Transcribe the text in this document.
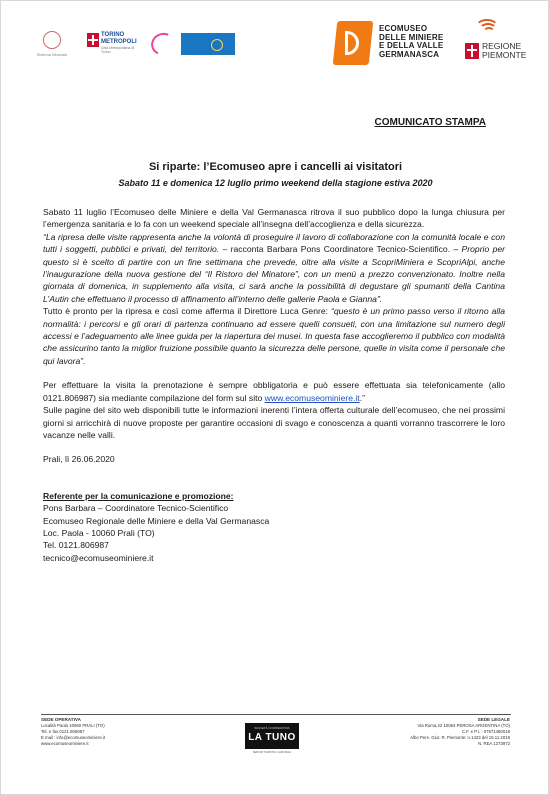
Sistema Museale
TORINO
METROPOLI
Città Metropolitana di Torino
ECOMUSEO
DELLE MINIERE
E DELLA VALLE
GERMANASCA
REGIONE
PIEMONTE
COMUNICATO STAMPA
Si riparte: l’Ecomuseo apre i cancelli ai visitatori
Sabato 11 e domenica 12 luglio primo weekend della stagione estiva 2020

Sabato 11 luglio l’Ecomuseo delle Miniere e della Val Germanasca ritrova il suo pubblico dopo la lunga chiusura per l’emergenza sanitaria e lo fa con un weekend speciale all’insegna dell’accoglienza e della sicurezza.

“La ripresa delle visite rappresenta anche la volontà di proseguire il lavoro di collaborazione con la comunità locale e con tutti i soggetti, pubblici e privati, del territorio. – racconta Barbara Pons Coordinatore Tecnico-Scientifico. – Proprio per questo si è scelto di partire con un fine settimana che prevede, oltre alla visite a ScopriMiniera e ScopriAlpi, anche l’inaugurazione della nuova gestione del “Il Ristoro del Minatore”, con un menù a prezzo convenzionato. Inoltre nella giornata di domenica, in supplemento alla visita, ci sarà anche la possibilità di degustare gli spumanti della Cantina L’Autin che effettuano il processo di affinamento all’interno delle gallerie Paola e Gianna”.

Tutto è pronto per la ripresa e così come afferma il Direttore Luca Genre: “questo è un primo passo verso il ritorno alla normalità: i percorsi e gli orari di partenza continuano ad essere quelli consueti, con una limitazione sul numero degli accessi e l’adeguamento alle linee guida per la riapertura dei musei. In questa fase accoglieremo il pubblico con modalità che assicurino tanto la miglior fruizione possibile quanto la sicurezza delle persone, quelle in visita come il personale che qui lavora”.

Per effettuare la visita la prenotazione è sempre obbligatoria e può essere effettuata sia telefonicamente (allo 0121.806987) sia mediante compilazione del form sul sito www.ecomuseominiere.it.”

Sulle pagine del sito web disponibili tutte le informazioni inerenti l’intera offerta culturale dell’ecomuseo, che nei prossimi giorni si arricchirà di nuove proposte per garantire occasioni di svago e conoscenza a quanti vorranno trascorrere le loro vacanze nelle valli.

Prali, lì 26.06.2020

Referente per la comunicazione e promozione:

Pons Barbara – Coordinatore Tecnico-Scientifico

Ecomuseo Regionale delle Miniere e della Val Germanasca

Loc. Paola - 10060 Prali (TO)

Tel. 0121.806987

tecnico@ecomuseominiere.it

SEDE OPERATIVA
Località Paola 10060 PRALI (TO)
Tel. e fax 0121.806987
E mail : info@ecomuseominiere.it
www.ecomuseominiere.it
SOCIETÀ COOPERATIVA
LA TUNO
SERVIZI TURISTICI CULTURALI
SEDE LEGALE
Via Roma,22 10063 PEROSA ARGENTINA (TO)
C.F. e P.I. : 07571460018
Albo Pers. Giur. R. Piemonte: n.1423 del 15.11.2019
N. REA 1273972
